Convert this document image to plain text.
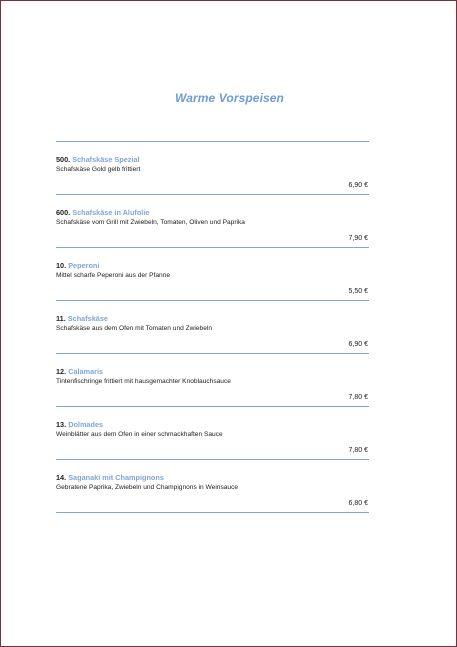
Warme Vorspeisen
500. Schafskäse Spezial
Schafskäse Gold gelb frittiert
6,90 €
600. Schafskäse in Alufolie
Schafskäse vom Grill mit Zwiebeln, Tomaten, Oliven und Paprika
7,90 €
10. Peperoni
Mittel scharfe Peperoni aus der Pfanne
5,50 €
11. Schafskäse
Schafskäse aus dem Ofen mit Tomaten und Zwiebeln
6,90 €
12. Calamaris
Tintenfischringe frittiert mit hausgemachter Knoblauchsauce
7,80 €
13. Dolmades
Weinblätter aus dem Ofen in einer schmackhaften Sauce
7,80 €
14. Saganaki mit Champignons
Gebratene Paprika, Zwiebeln und Champignons in Weinsauce
6,80 €
